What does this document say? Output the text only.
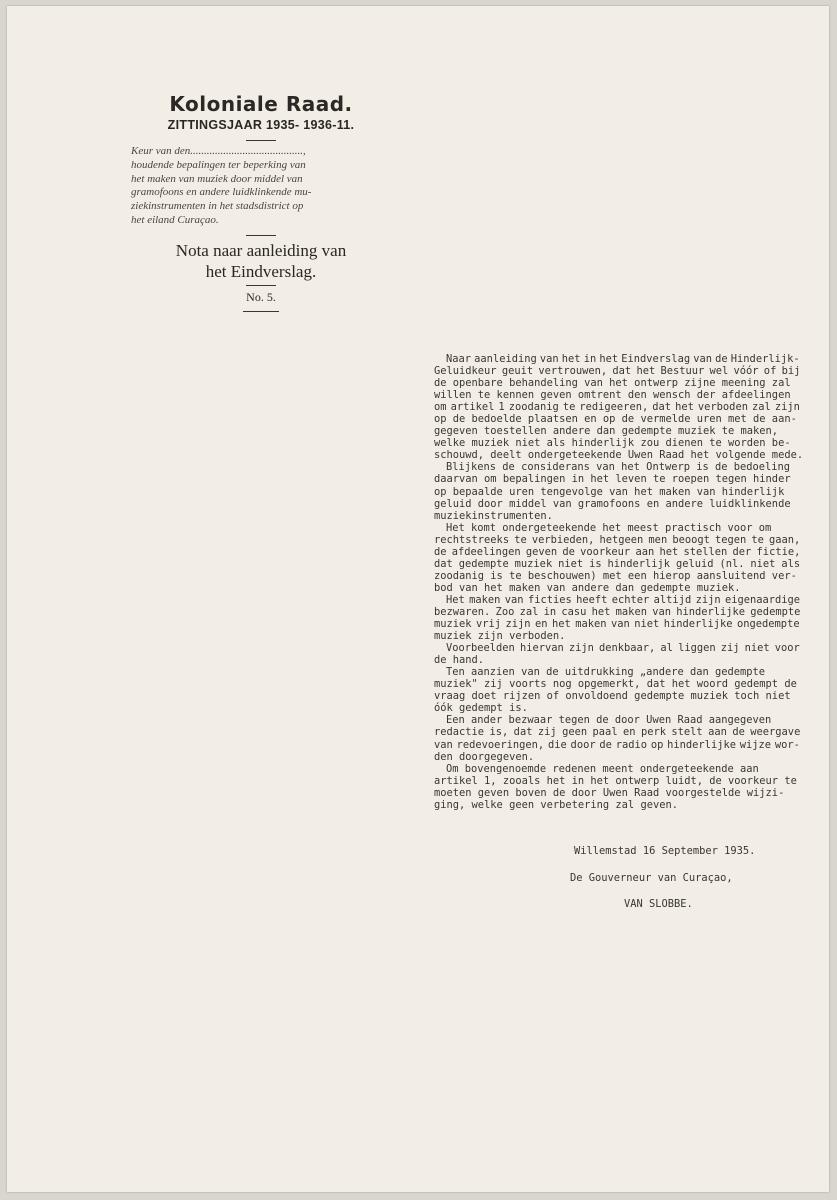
Koloniale Raad.
ZITTINGSJAAR 1935- 1936-11.
Keur van den.........................................,
houdende bepalingen ter beperking van
het maken van muziek door middel van
gramofoons en andere luidklinkende mu-
ziekinstrumenten in het stadsdistrict op
het eiland Curaçao.
Nota naar aanleiding van
het Eindverslag.
No. 5.
Naar aanleiding van het in het Eindverslag van de Hinderlijk-
Geluidkeur geuit vertrouwen, dat het Bestuur wel vóór of bij
de openbare behandeling van het ontwerp zijne meening zal
willen te kennen geven omtrent den wensch der afdeelingen
om artikel 1 zoodanig te redigeeren, dat het verboden zal zijn
op de bedoelde plaatsen en op de vermelde uren met de aan-
gegeven toestellen andere dan gedempte muziek te maken,
welke muziek niet als hinderlijk zou dienen te worden be-
schouwd, deelt ondergeteekende Uwen Raad het volgende mede.
Blijkens de considerans van het Ontwerp is de bedoeling
daarvan om bepalingen in het leven te roepen tegen hinder
op bepaalde uren tengevolge van het maken van hinderlijk
geluid door middel van gramofoons en andere luidklinkende
muziekinstrumenten.
Het komt ondergeteekende het meest practisch voor om
rechtstreeks te verbieden, hetgeen men beoogt tegen te gaan,
de afdeelingen geven de voorkeur aan het stellen der fictie,
dat gedempte muziek niet is hinderlijk geluid (nl. niet als
zoodanig is te beschouwen) met een hierop aansluitend ver-
bod van het maken van andere dan gedempte muziek.
Het maken van ficties heeft echter altijd zijn eigenaardige
bezwaren. Zoo zal in casu het maken van hinderlijke gedempte
muziek vrij zijn en het maken van niet hinderlijke ongedempte
muziek zijn verboden.
Voorbeelden hiervan zijn denkbaar, al liggen zij niet voor
de hand.
Ten aanzien van de uitdrukking „andere dan gedempte
muziek" zij voorts nog opgemerkt, dat het woord gedempt de
vraag doet rijzen of onvoldoend gedempte muziek toch niet
óók gedempt is.
Een ander bezwaar tegen de door Uwen Raad aangegeven
redactie is, dat zij geen paal en perk stelt aan de weergave
van redevoeringen, die door de radio op hinderlijke wijze wor-
den doorgegeven.
Om bovengenoemde redenen meent ondergeteekende aan
artikel 1, zooals het in het ontwerp luidt, de voorkeur te
moeten geven boven de door Uwen Raad voorgestelde wijzi-
ging, welke geen verbetering zal geven.
Willemstad 16 September 1935.
De Gouverneur van Curaçao,
VAN SLOBBE.
